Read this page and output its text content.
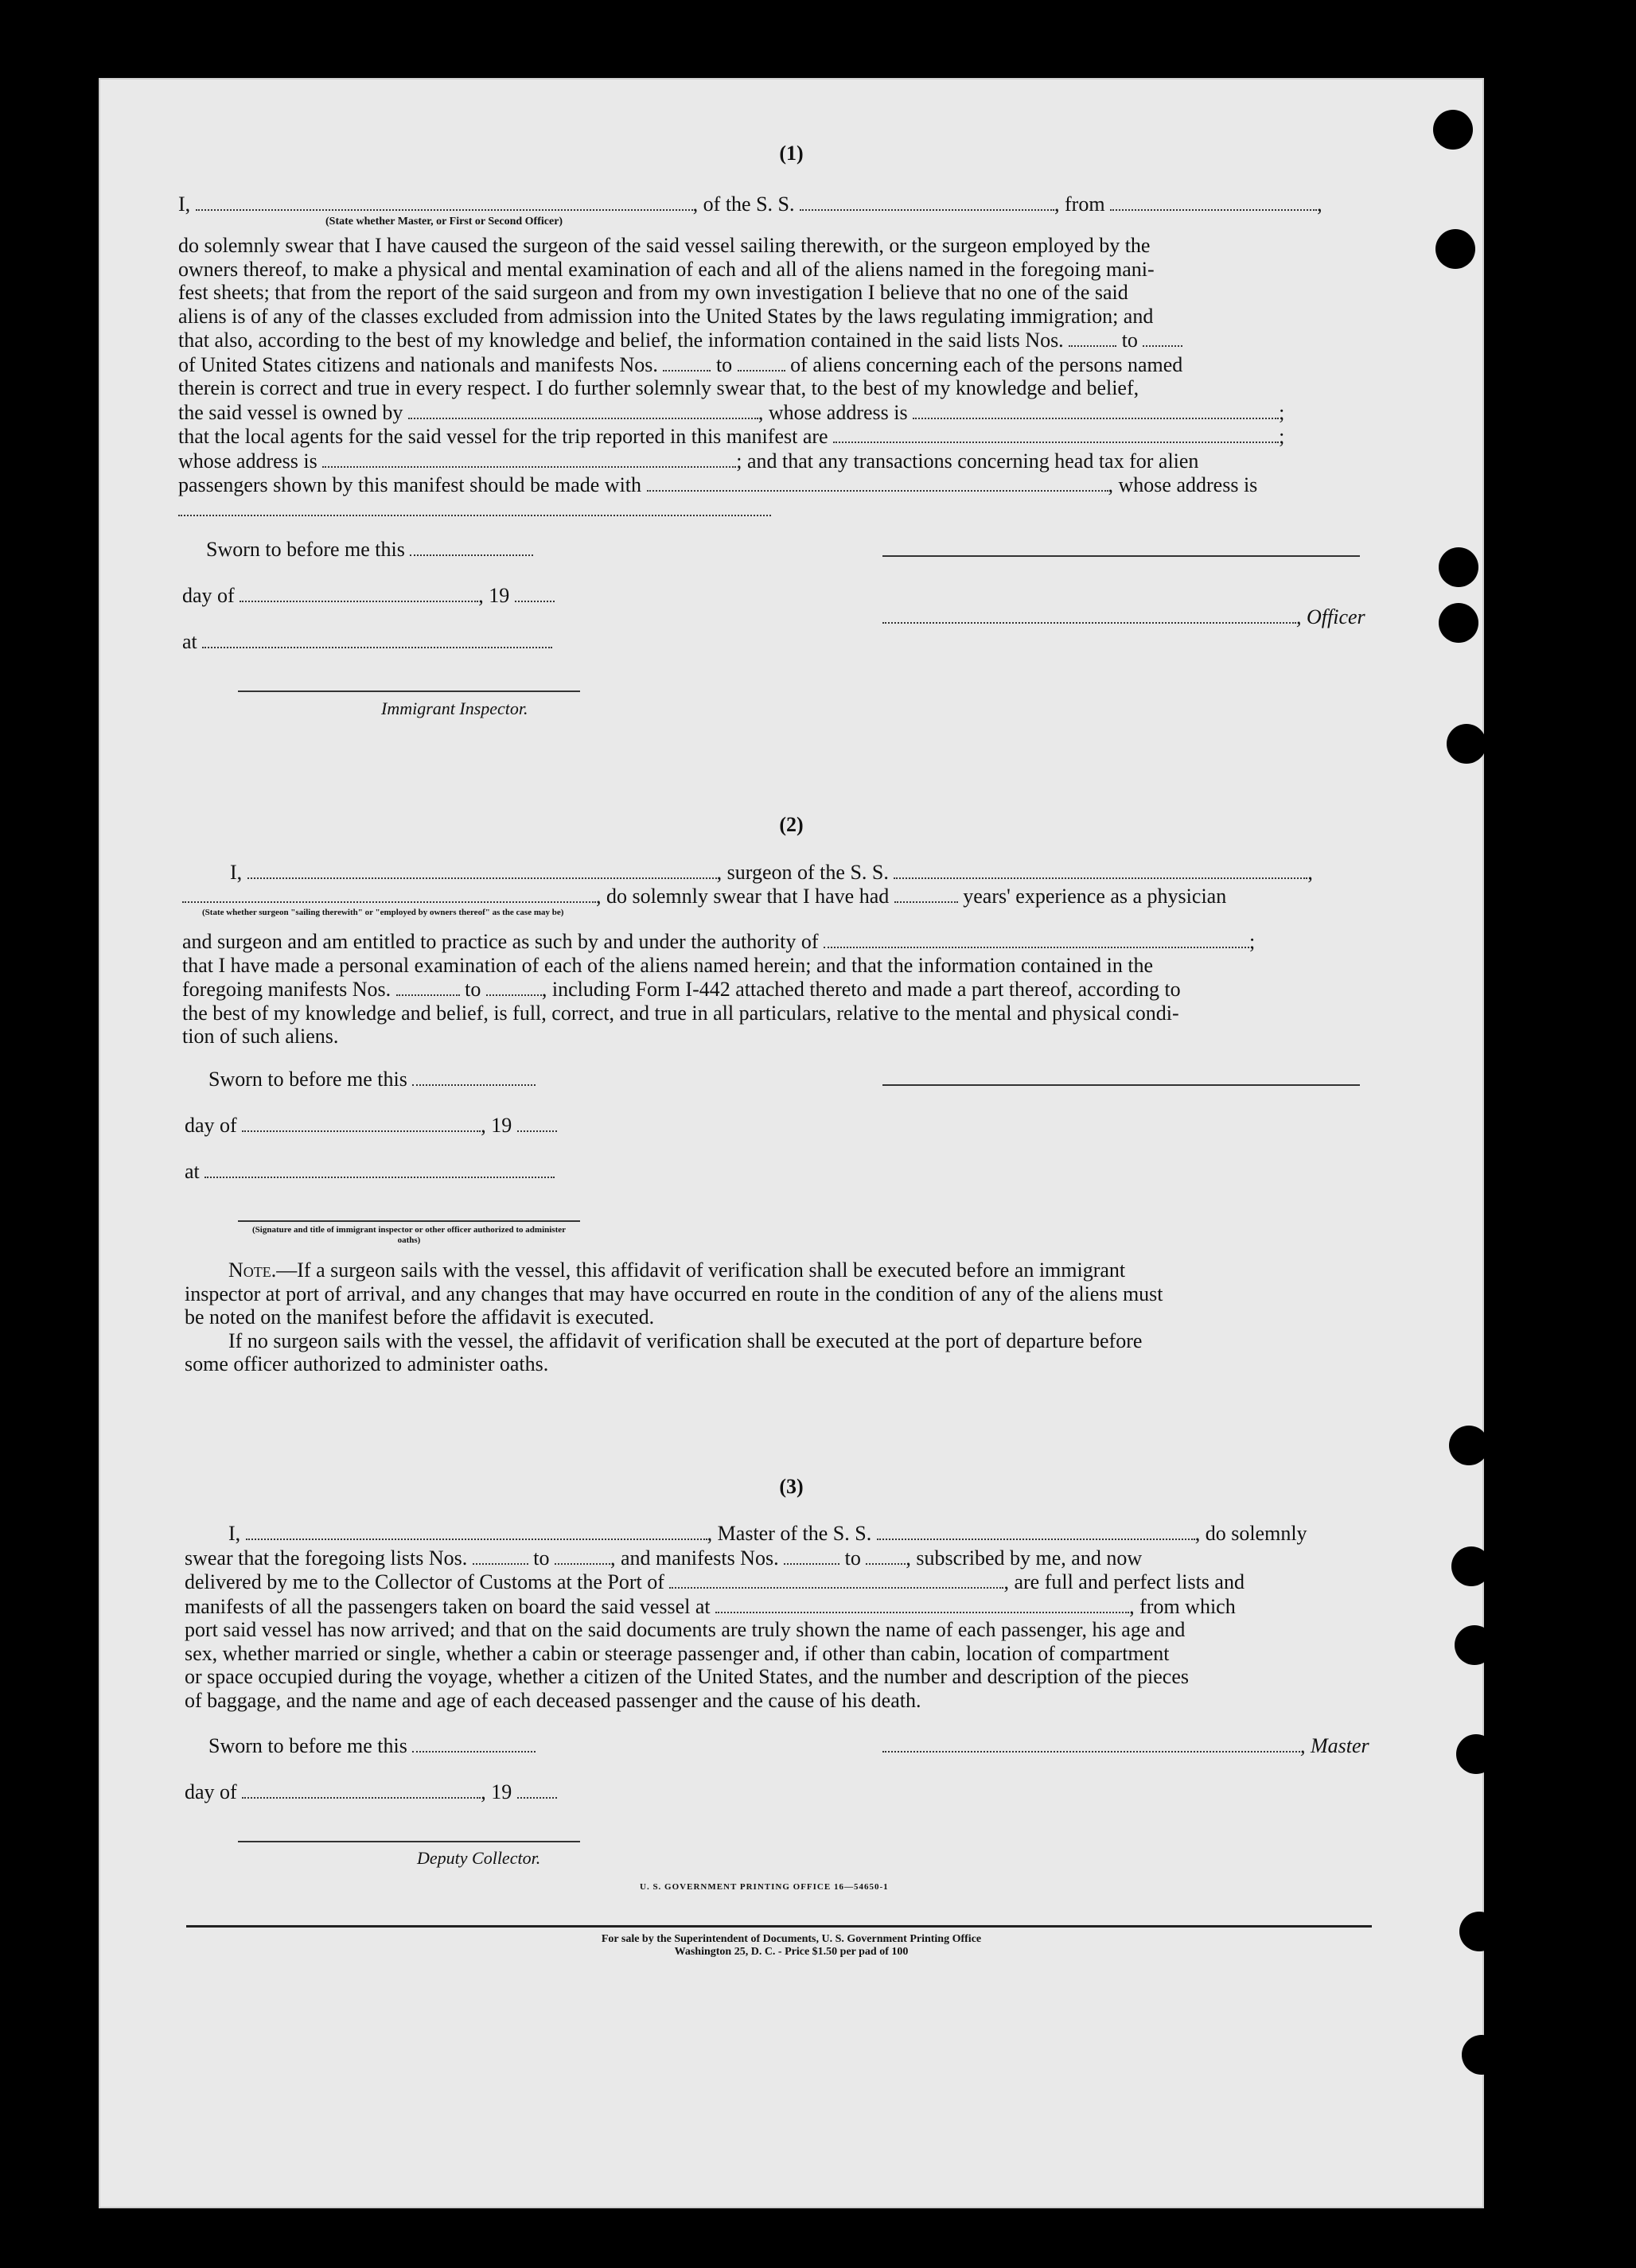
(1)
I,	, of the S. S.	, from	,
(State whether Master, or First or Second Officer)

do solemnly swear that I have caused the surgeon of the said vessel sailing therewith, or the surgeon employed by the

owners thereof, to make a physical and mental examination of each and all of the aliens named in the foregoing mani-

fest sheets; that from the report of the said surgeon and from my own investigation I believe that no one of the said

aliens is of any of the classes excluded from admission into the United States by the laws regulating immigration; and

that also, according to the best of my knowledge and belief, the information contained in the said lists Nos.	to

of United States citizens and nationals and manifests Nos.	to	of aliens concerning each of the persons named

therein is correct and true in every respect. I do further solemnly swear that, to the best of my knowledge and belief,

the said vessel is owned by	, whose address is	;

that the local agents for the said vessel for the trip reported in this manifest are	;

whose address is	; and that any transactions concerning head tax for alien

passengers shown by this manifest should be made with	, whose address is

Sworn to before me this
day of	, 19
at
Immigrant Inspector.
, Officer
(2)
I,	, surgeon of the S. S.	,
, do solemnly swear that I have had	years' experience as a physician
(State whether surgeon "sailing therewith" or "employed by owners thereof" as the case may be)

and surgeon and am entitled to practice as such by and under the authority of	;

that I have made a personal examination of each of the aliens named herein; and that the information contained in the

foregoing manifests Nos.	to	, including Form I-442 attached thereto and made a part thereof, according to

the best of my knowledge and belief, is full, correct, and true in all particulars, relative to the mental and physical condi-

tion of such aliens.

Sworn to before me this
day of	, 19
at
(Signature and title of immigrant inspector or other officer authorized to administer oaths)

Note.—If a surgeon sails with the vessel, this affidavit of verification shall be executed before an immigrant

inspector at port of arrival, and any changes that may have occurred en route in the condition of any of the aliens must

be noted on the manifest before the affidavit is executed.

If no surgeon sails with the vessel, the affidavit of verification shall be executed at the port of departure before

some officer authorized to administer oaths.

(3)

I,	, Master of the S. S.	, do solemnly

swear that the foregoing lists Nos.	to	, and manifests Nos.	to , subscribed by me, and now

delivered by me to the Collector of Customs at the Port of	, are full and perfect lists and

manifests of all the passengers taken on board the said vessel at	, from which

port said vessel has now arrived; and that on the said documents are truly shown the name of each passenger, his age and

sex, whether married or single, whether a cabin or steerage passenger and, if other than cabin, location of compartment

or space occupied during the voyage, whether a citizen of the United States, and the number and description of the pieces

of baggage, and the name and age of each deceased passenger and the cause of his death.

Sworn to before me this
day of	, 19
, Master
Deputy Collector.
U. S. GOVERNMENT PRINTING OFFICE 16—54650-1
For sale by the Superintendent of Documents, U. S. Government Printing Office
Washington 25, D. C. - Price $1.50 per pad of 100
